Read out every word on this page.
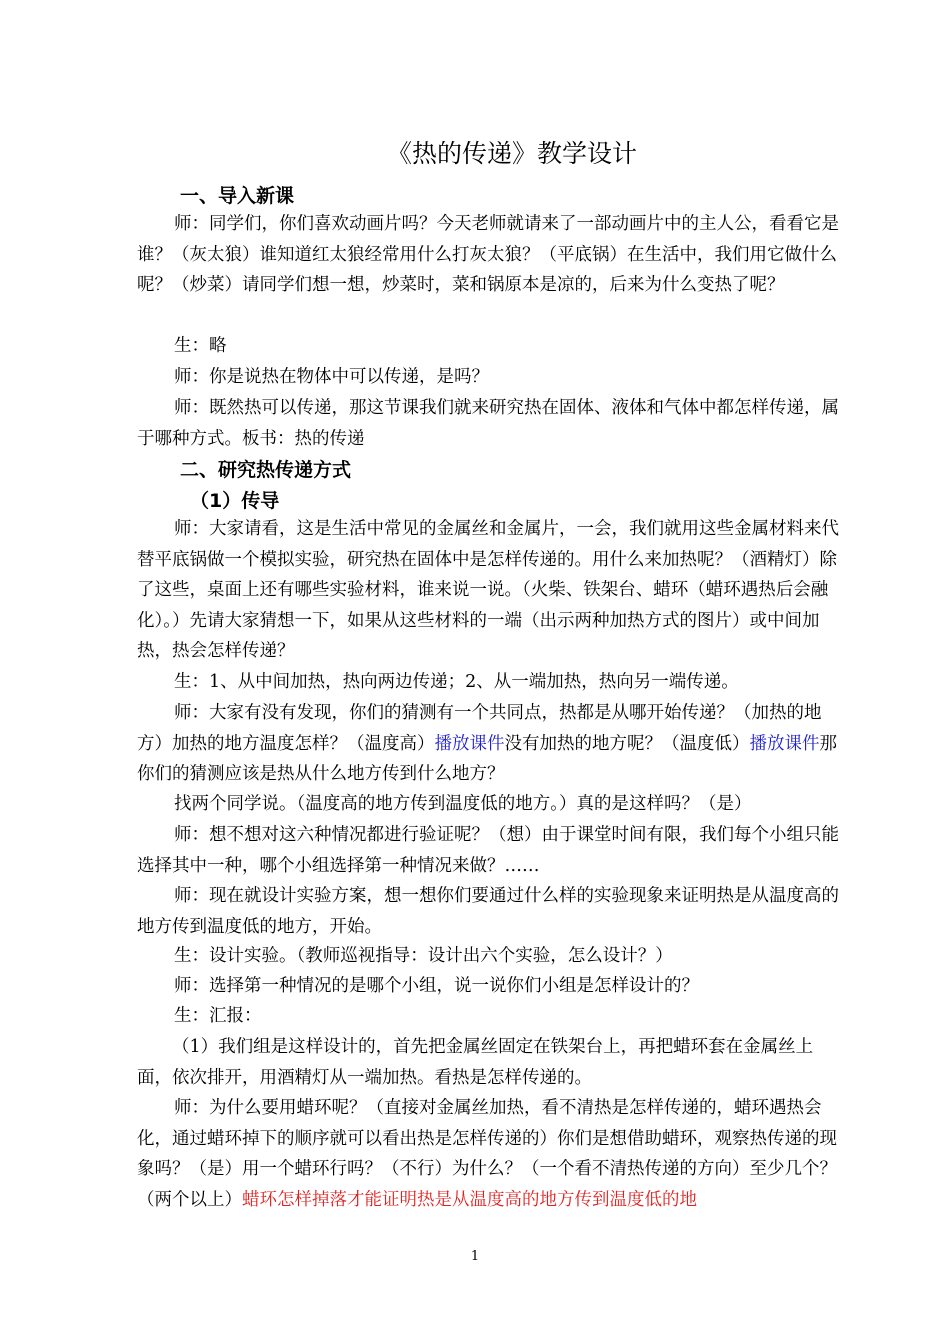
《热的传递》教学设计
一、导入新课

师：同学们，你们喜欢动画片吗？今天老师就请来了一部动画片中的主人公，看看它是谁？（灰太狼）谁知道红太狼经常用什么打灰太狼？（平底锅）在生活中，我们用它做什么呢？（炒菜）请同学们想一想，炒菜时，菜和锅原本是凉的，后来为什么变热了呢？

生：略

师：你是说热在物体中可以传递，是吗？

师：既然热可以传递，那这节课我们就来研究热在固体、液体和气体中都怎样传递，属于哪种方式。板书：热的传递

二、研究热传递方式
（1）传导

师：大家请看，这是生活中常见的金属丝和金属片，一会，我们就用这些金属材料来代替平底锅做一个模拟实验，研究热在固体中是怎样传递的。用什么来加热呢？（酒精灯）除了这些，桌面上还有哪些实验材料，谁来说一说。（火柴、铁架台、蜡环（蜡环遇热后会融化）。）先请大家猜想一下，如果从这些材料的一端（出示两种加热方式的图片）或中间加热，热会怎样传递？

生：1、从中间加热，热向两边传递；2、从一端加热，热向另一端传递。

师：大家有没有发现，你们的猜测有一个共同点，热都是从哪开始传递？（加热的地方）加热的地方温度怎样？（温度高）播放课件没有加热的地方呢？（温度低）播放课件那你们的猜测应该是热从什么地方传到什么地方？

找两个同学说。（温度高的地方传到温度低的地方。）真的是这样吗？（是）

师：想不想对这六种情况都进行验证呢？（想）由于课堂时间有限，我们每个小组只能选择其中一种，哪个小组选择第一种情况来做？……

师：现在就设计实验方案，想一想你们要通过什么样的实验现象来证明热是从温度高的地方传到温度低的地方，开始。

生：设计实验。（教师巡视指导：设计出六个实验，怎么设计？）

师：选择第一种情况的是哪个小组，说一说你们小组是怎样设计的？

生：汇报：

（1）我们组是这样设计的，首先把金属丝固定在铁架台上，再把蜡环套在金属丝上面，依次排开，用酒精灯从一端加热。看热是怎样传递的。

师：为什么要用蜡环呢？（直接对金属丝加热，看不清热是怎样传递的，蜡环遇热会化，通过蜡环掉下的顺序就可以看出热是怎样传递的）你们是想借助蜡环，观察热传递的现象吗？（是）用一个蜡环行吗？（不行）为什么？（一个看不清热传递的方向）至少几个？（两个以上）蜡环怎样掉落才能证明热是从温度高的地方传到温度低的地

1
